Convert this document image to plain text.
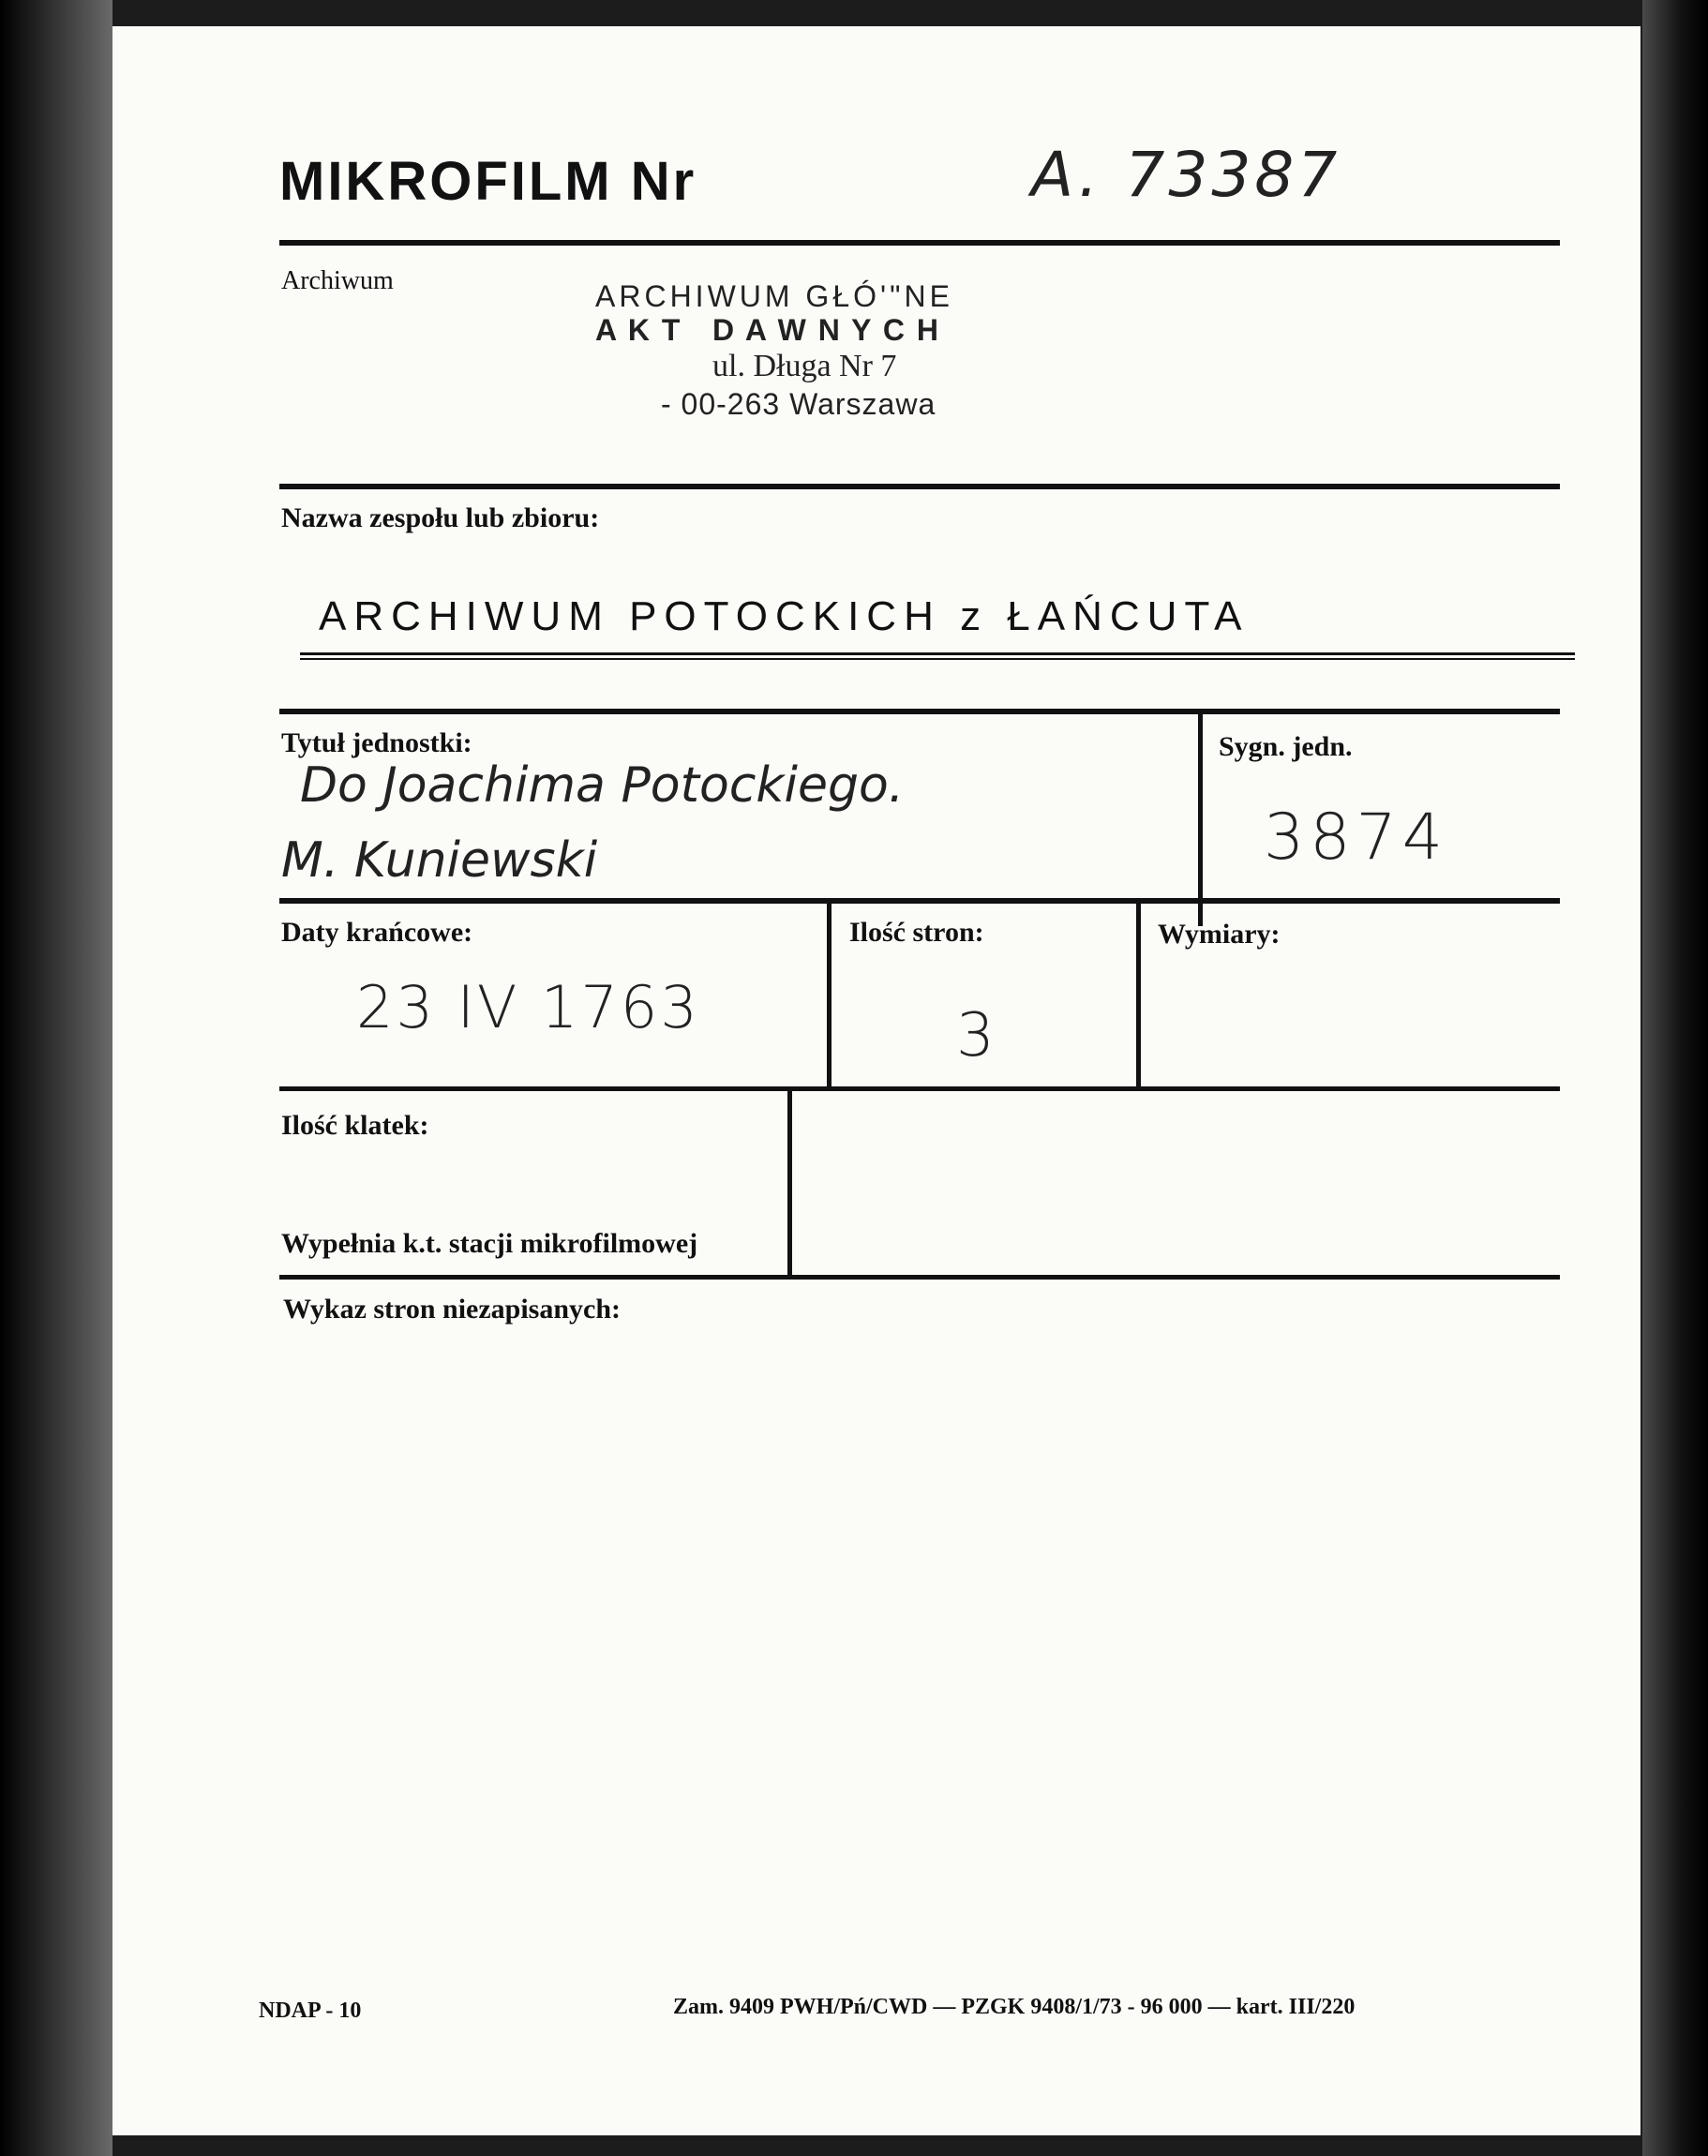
MIKROFILM Nr	A. 73387
Archiwum	ARCHIWUM GŁÓ'"NE
A K T   D A W N Y C H
ul. Długa Nr 7
- 00-263 Warszawa
Nazwa zespołu lub zbioru:
ARCHIWUM POTOCKICH z ŁAŃCUTA
Tytuł jednostki:
Do Joachima Potockiego.
M. Kuniewski
Sygn. jedn.
3874
Daty krańcowe:
23 IV 1763
Ilość stron:
3
Wymiary:
Ilość klatek:
Wypełnia k.t. stacji mikrofilmowej
Wykaz stron niezapisanych:
NDAP - 10	Zam. 9409 PWH/Pń/CWD — PZGK 9408/1/73 - 96 000 — kart. III/220
